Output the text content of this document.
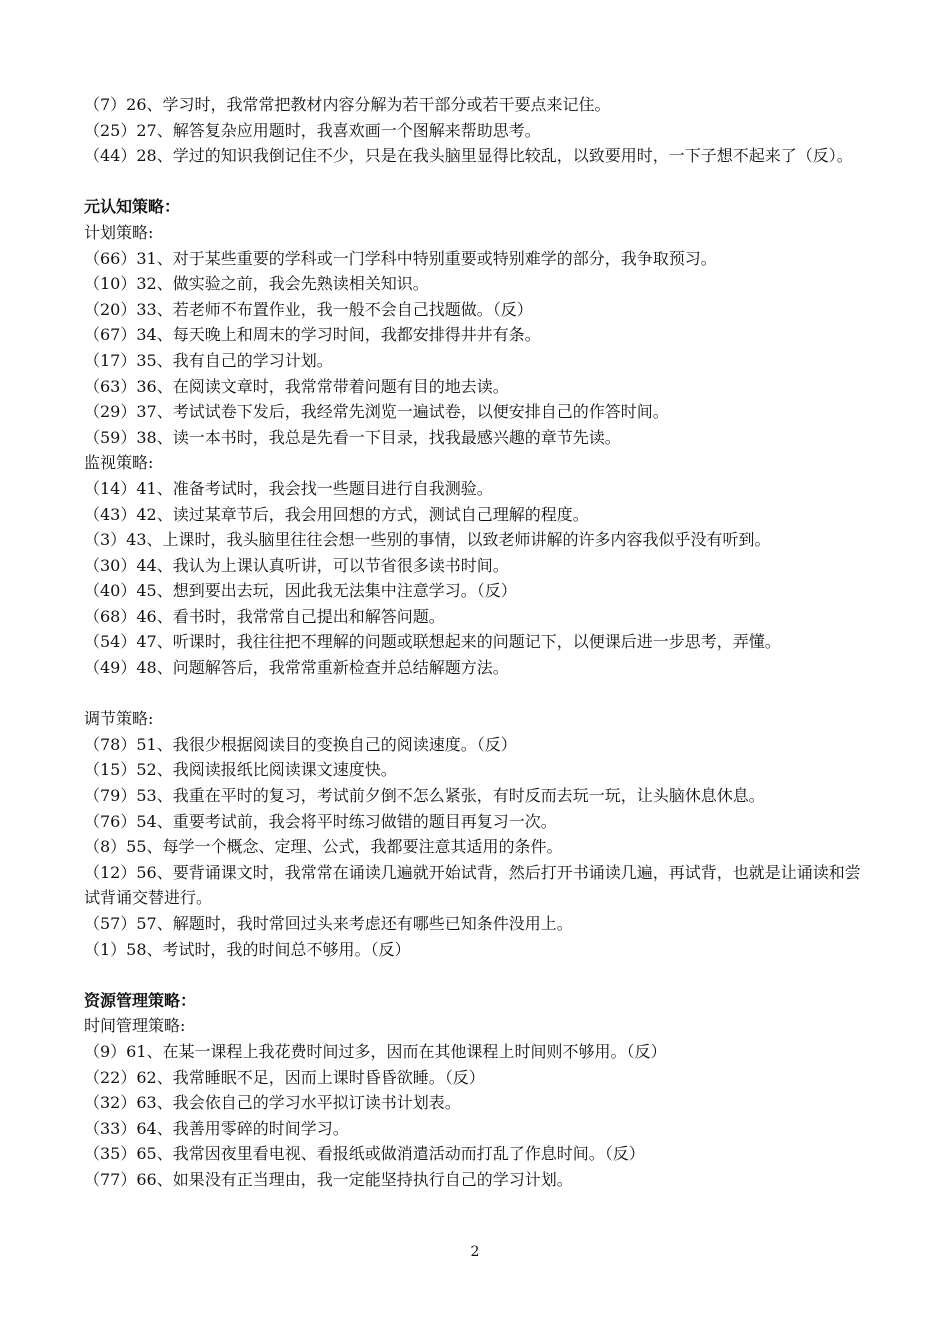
（7）26、学习时，我常常把教材内容分解为若干部分或若干要点来记住。
（25）27、解答复杂应用题时，我喜欢画一个图解来帮助思考。
（44）28、学过的知识我倒记住不少，只是在我头脑里显得比较乱，以致要用时，一下子想不起来了（反）。
元认知策略：
计划策略:
（66）31、对于某些重要的学科或一门学科中特别重要或特别难学的部分，我争取预习。
（10）32、做实验之前，我会先熟读相关知识。
（20）33、若老师不布置作业，我一般不会自己找题做。（反）
（67）34、每天晚上和周末的学习时间，我都安排得井井有条。
（17）35、我有自己的学习计划。
（63）36、在阅读文章时，我常常带着问题有目的地去读。
（29）37、考试试卷下发后，我经常先浏览一遍试卷，以便安排自己的作答时间。
（59）38、读一本书时，我总是先看一下目录，找我最感兴趣的章节先读。
监视策略:
（14）41、准备考试时，我会找一些题目进行自我测验。
（43）42、读过某章节后，我会用回想的方式，测试自己理解的程度。
（3）43、上课时，我头脑里往往会想一些别的事情，以致老师讲解的许多内容我似乎没有听到。
（30）44、我认为上课认真听讲，可以节省很多读书时间。
（40）45、想到要出去玩，因此我无法集中注意学习。（反）
（68）46、看书时，我常常自己提出和解答问题。
（54）47、听课时，我往往把不理解的问题或联想起来的问题记下，以便课后进一步思考，弄懂。
（49）48、问题解答后，我常常重新检查并总结解题方法。
调节策略:
（78）51、我很少根据阅读目的变换自己的阅读速度。（反）
（15）52、我阅读报纸比阅读课文速度快。
（79）53、我重在平时的复习，考试前夕倒不怎么紧张，有时反而去玩一玩，让头脑休息休息。
（76）54、重要考试前，我会将平时练习做错的题目再复习一次。
（8）55、每学一个概念、定理、公式，我都要注意其适用的条件。
（12）56、要背诵课文时，我常常在诵读几遍就开始试背，然后打开书诵读几遍，再试背，也就是让诵读和尝试背诵交替进行。
（57）57、解题时，我时常回过头来考虑还有哪些已知条件没用上。
（1）58、考试时，我的时间总不够用。（反）
资源管理策略：
时间管理策略:
（9）61、在某一课程上我花费时间过多，因而在其他课程上时间则不够用。（反）
（22）62、我常睡眠不足，因而上课时昏昏欲睡。（反）
（32）63、我会依自己的学习水平拟订读书计划表。
（33）64、我善用零碎的时间学习。
（35）65、我常因夜里看电视、看报纸或做消遣活动而打乱了作息时间。（反）
（77）66、如果没有正当理由，我一定能坚持执行自己的学习计划。
2
